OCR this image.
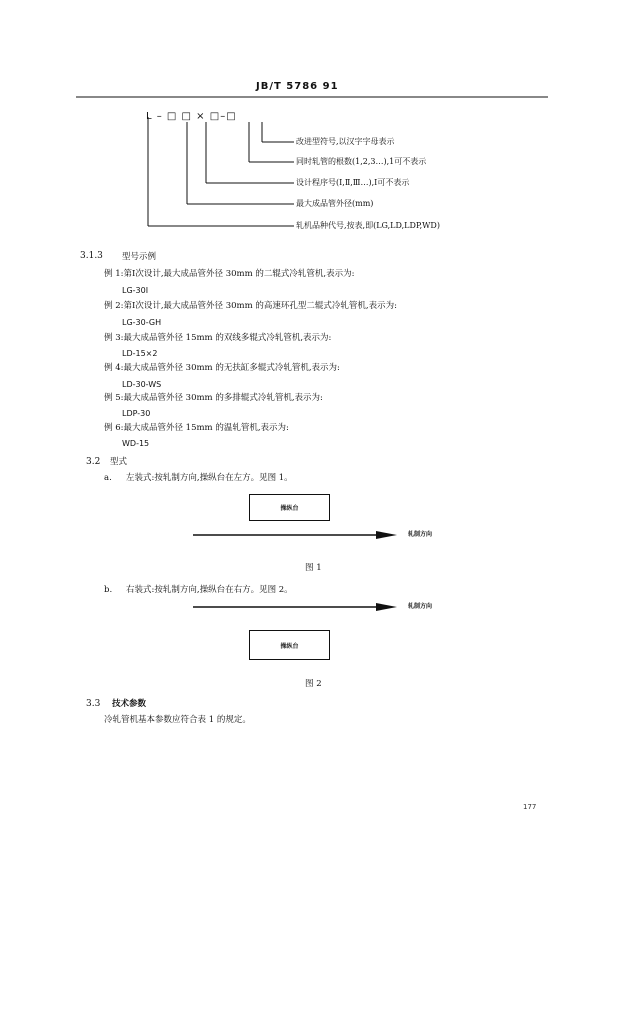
JB/T 5786 91
L – □ □ × □–□
改进型符号,以汉字字母表示
同时轧管的根数(1,2,3…),1可不表示
设计程序号(Ⅰ,Ⅱ,Ⅲ…),Ⅰ可不表示
最大成品管外径(mm)
轧机品种代号,按表,即(LG,LD,LDP,WD)
3.1.3 型号示例
例 1:第Ⅰ次设计,最大成品管外径 30mm 的二辊式冷轧管机,表示为:
LG-30Ⅰ
例 2:第Ⅰ次设计,最大成品管外径 30mm 的高速环孔型二辊式冷轧管机,表示为:
LG-30-GH
例 3:最大成品管外径 15mm 的双线多辊式冷轧管机,表示为:
LD-15×2
例 4:最大成品管外径 30mm 的无扶缸多辊式冷轧管机,表示为:
LD-30-WS
例 5:最大成品管外径 30mm 的多排辊式冷轧管机,表示为:
LDP-30
例 6:最大成品管外径 15mm 的温轧管机,表示为:
WD-15
3.2 型式
a. 左装式:按轧制方向,操纵台在左方。见图 1。
操纵台
轧制方向
图 1
b. 右装式:按轧制方向,操纵台在右方。见图 2。
轧制方向
操纵台
图 2
3.3 技术参数
冷轧管机基本参数应符合表 1 的规定。
177
